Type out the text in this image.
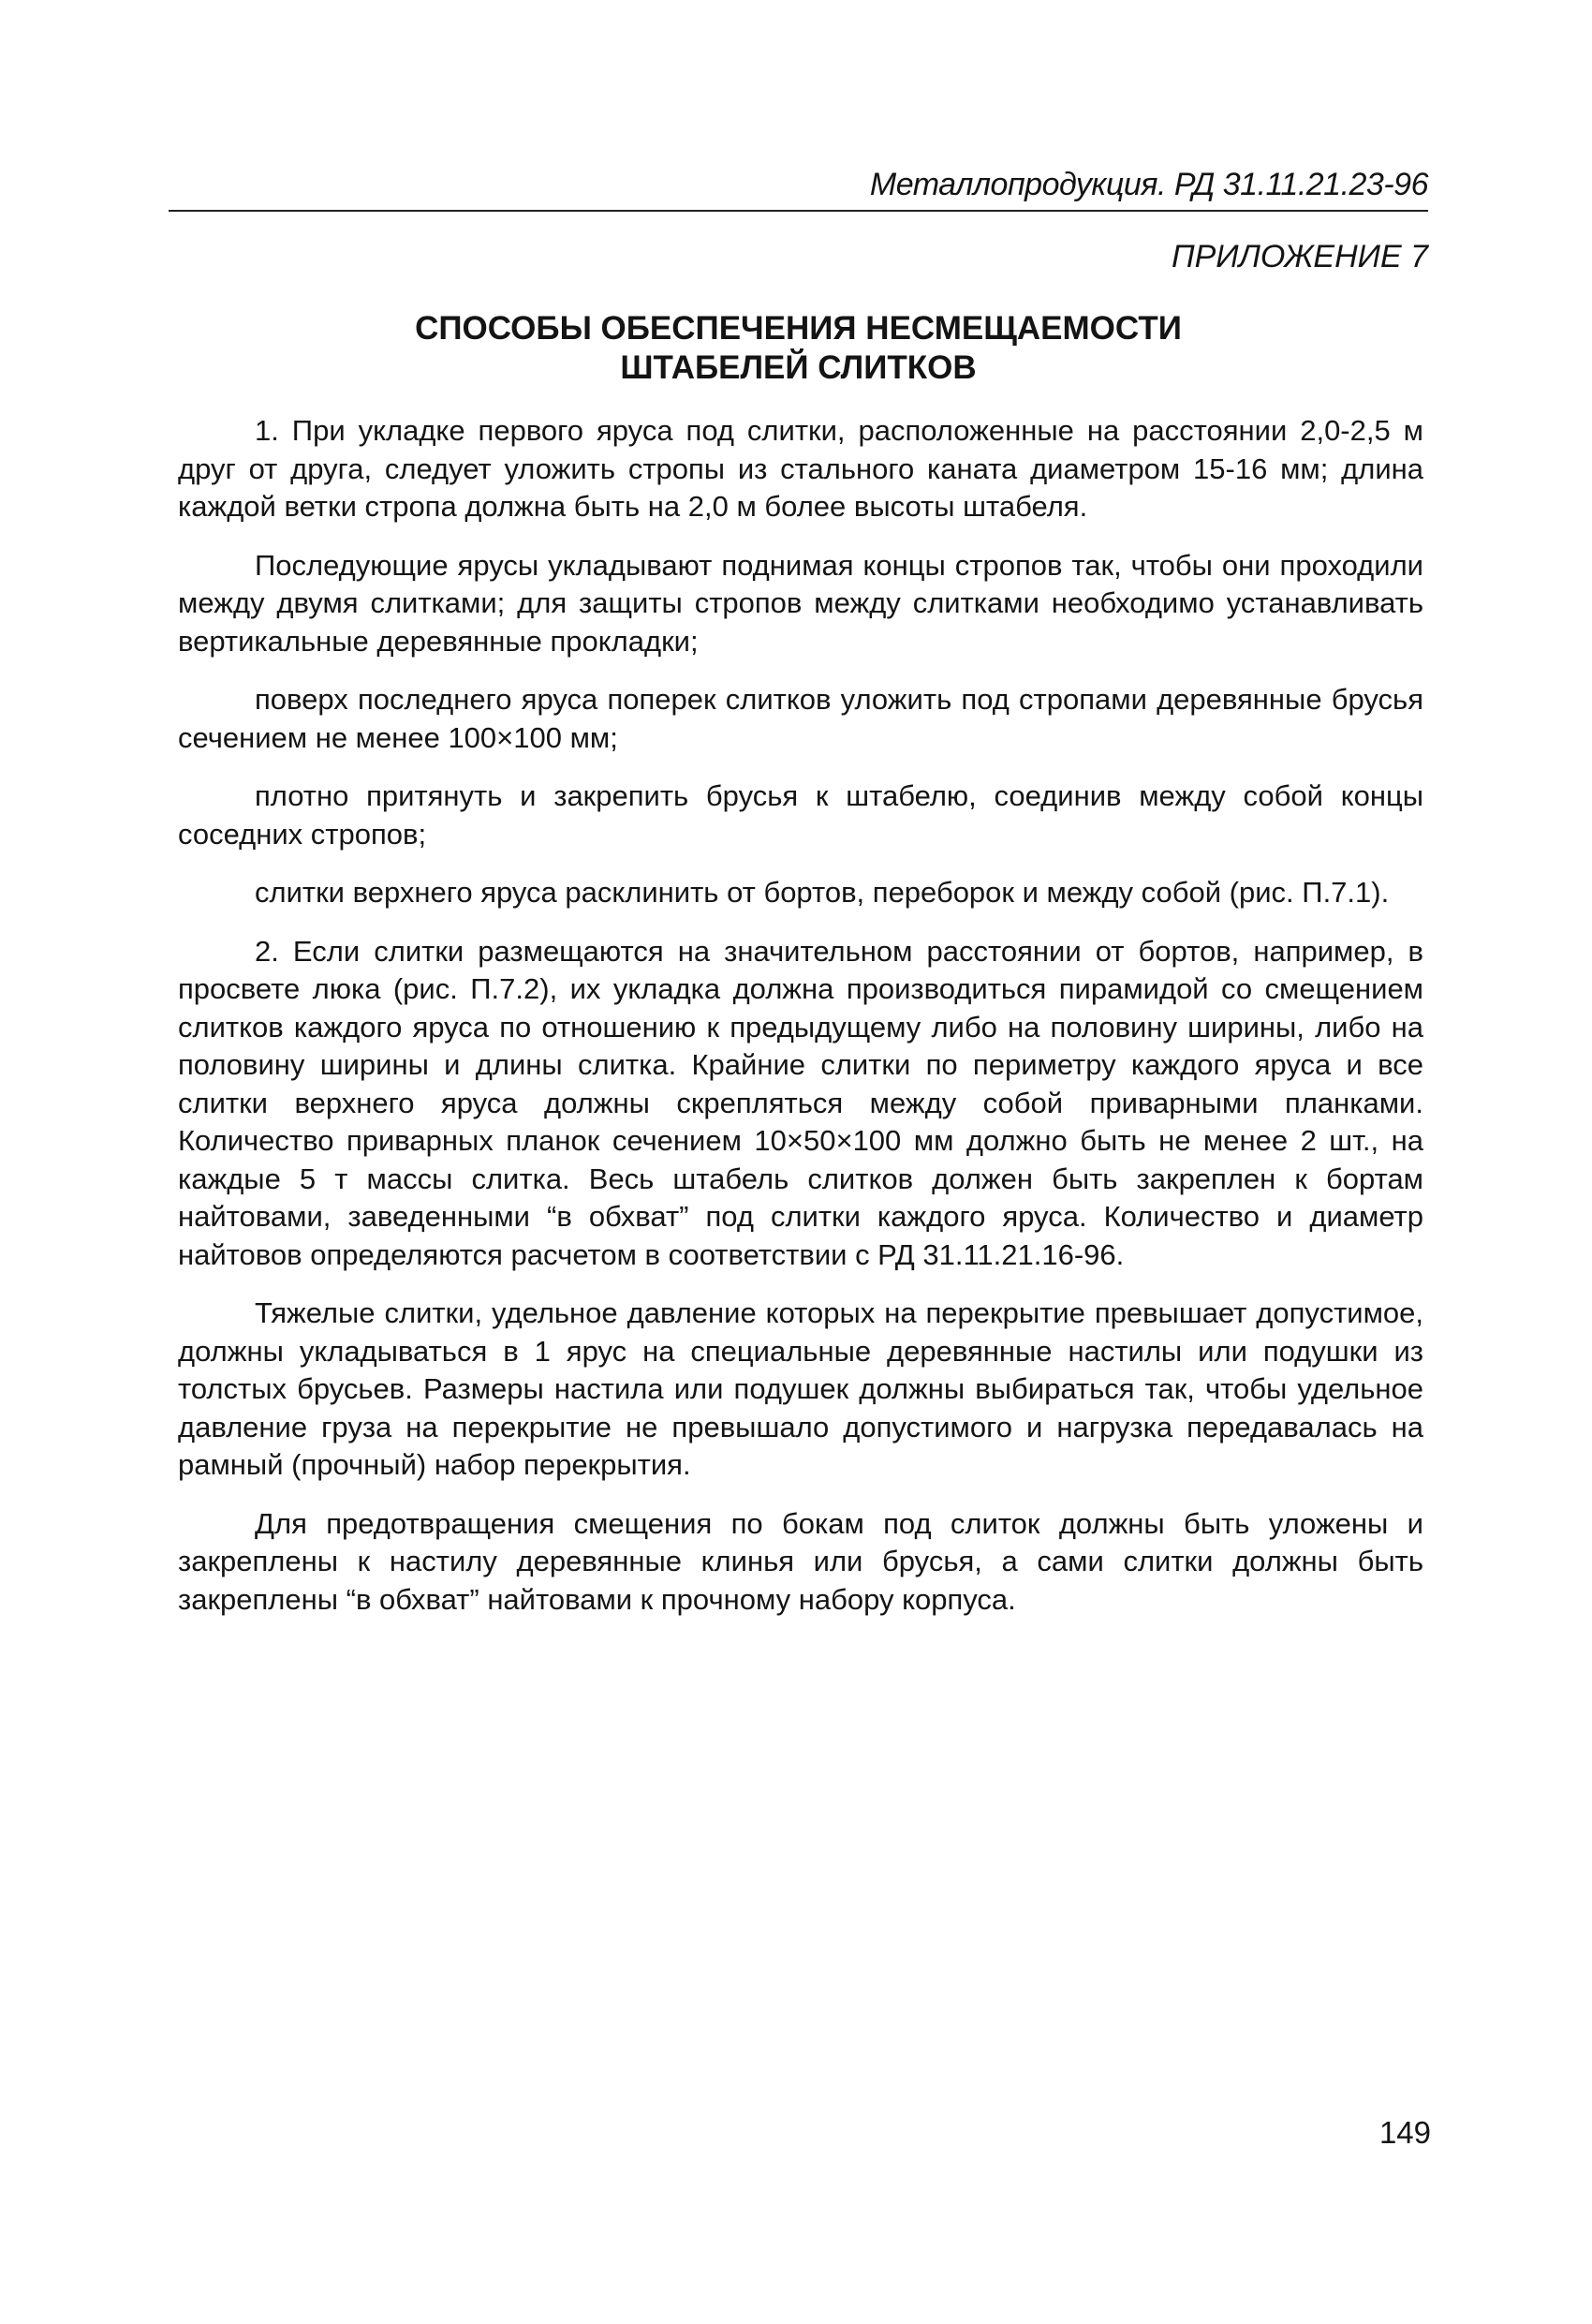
Металлопродукция. РД 31.11.21.23-96
ПРИЛОЖЕНИЕ 7
СПОСОБЫ ОБЕСПЕЧЕНИЯ НЕСМЕЩАЕМОСТИ
ШТАБЕЛЕЙ СЛИТКОВ

1. При укладке первого яруса под слитки, расположенные на расстоянии 2,0-2,5 м друг от друга, следует уложить стропы из стального каната диаметром 15-16 мм; длина каждой ветки стропа должна быть на 2,0 м более высоты штабеля.

Последующие ярусы укладывают поднимая концы стропов так, чтобы они проходили между двумя слитками; для защиты стропов между слитками необходимо устанавливать вертикальные деревянные прокладки;

поверх последнего яруса поперек слитков уложить под стропами деревянные брусья сечением не менее 100×100 мм;

плотно притянуть и закрепить брусья к штабелю, соединив между собой концы соседних стропов;

слитки верхнего яруса расклинить от бортов, переборок и между собой (рис. П.7.1).

2. Если слитки размещаются на значительном расстоянии от бортов, например, в просвете люка (рис. П.7.2), их укладка должна производиться пирамидой со смещением слитков каждого яруса по отношению к предыдущему либо на половину ширины, либо на половину ширины и длины слитка. Крайние слитки по периметру каждого яруса и все слитки верхнего яруса должны скрепляться между собой приварными планками. Количество приварных планок сечением 10×50×100 мм должно быть не менее 2 шт., на каждые 5 т массы слитка. Весь штабель слитков должен быть закреплен к бортам найтовами, заведенными “в обхват” под слитки каждого яруса. Количество и диаметр найтовов определяются расчетом в соответствии с РД 31.11.21.16-96.

Тяжелые слитки, удельное давление которых на перекрытие превышает допустимое, должны укладываться в 1 ярус на специальные деревянные настилы или подушки из толстых брусьев. Размеры настила или подушек должны выбираться так, чтобы удельное давление груза на перекрытие не превышало допустимого и нагрузка передавалась на рамный (прочный) набор перекрытия.

Для предотвращения смещения по бокам под слиток должны быть уложены и закреплены к настилу деревянные клинья или брусья, а сами слитки должны быть закреплены “в обхват” найтовами к прочному набору корпуса.

149
